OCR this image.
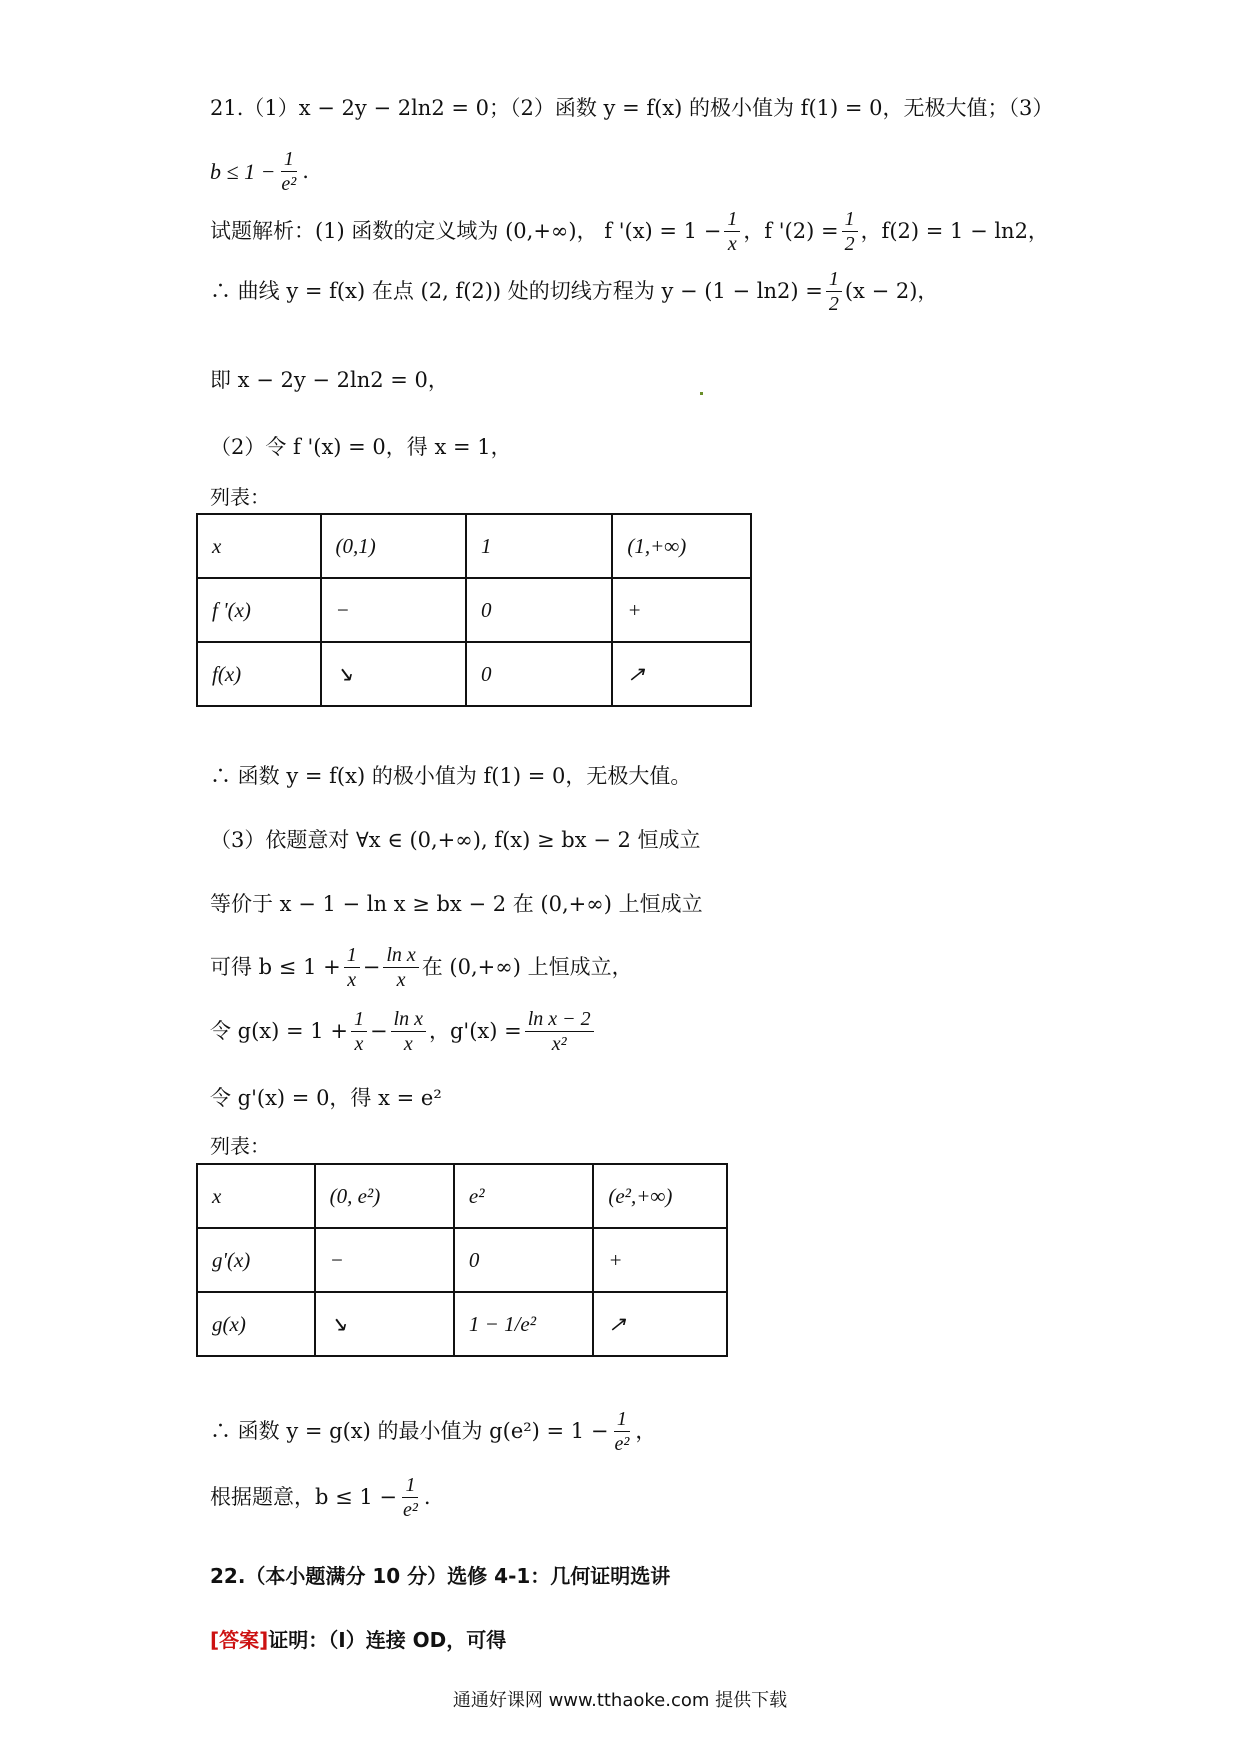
21.（1）x − 2y − 2ln2 = 0；（2）函数 y = f(x) 的极小值为 f(1) = 0，无极大值；（3）
$b \le 1 - \frac{1}{\text{e²}}$ .
试题解析：(1) 函数的定义域为 (0,+∞)， f '$(x) = 1 - \frac{1}{x}$ ，f '$(2) = \frac{1}{2}$ ，f(2) = 1 − ln2，
∴ 曲线 y = f(x) 在点 (2, f(2)) 处的切线方程为 $y - (1 - \ln 2) = \frac{1}{2} (x - 2)$，
即 x − 2y − 2ln2 = 0，
（2）令 f '(x) = 0，得 x = 1，
列表：
x	(0,1)	1	(1,+∞)
f '(x)	−	0	+
f(x)	↘	0	↗
∴ 函数 y = f(x) 的极小值为 f(1) = 0，无极大值。
（3）依题意对 ∀x ∈ (0,+∞), f(x) ≥ bx − 2 恒成立
等价于 x − 1 − ln x ≥ bx − 2 在 (0,+∞) 上恒成立
可得 $b \le 1 + \frac{1}{x} - \frac{\text{ln x}}{x}$ 在 (0,+∞) 上恒成立，
令 $g(x) = 1 + \frac{1}{x} - \frac{\text{ln x}}{x}$ ，$g'(x) = \frac{\text{ln x − 2}}{\text{x²}}$
令 g'(x) = 0，得 x = e²
列表：
x	(0, e²)	e²	(e²,+∞)
g'(x)	−	0	+
g(x)	↘	1 − 1/e²	↗
∴ 函数 y = g(x) 的最小值为 $g(e^2) = 1 - \frac{1}{\text{e²}}$ ，
根据题意，$b \le 1 - \frac{1}{\text{e²}}$ .
22.（本小题满分 10 分）选修 4-1：几何证明选讲
[答案] 证明：（Ⅰ）连接 OD，可得
通通好课网 www.tthaoke.com 提供下载
